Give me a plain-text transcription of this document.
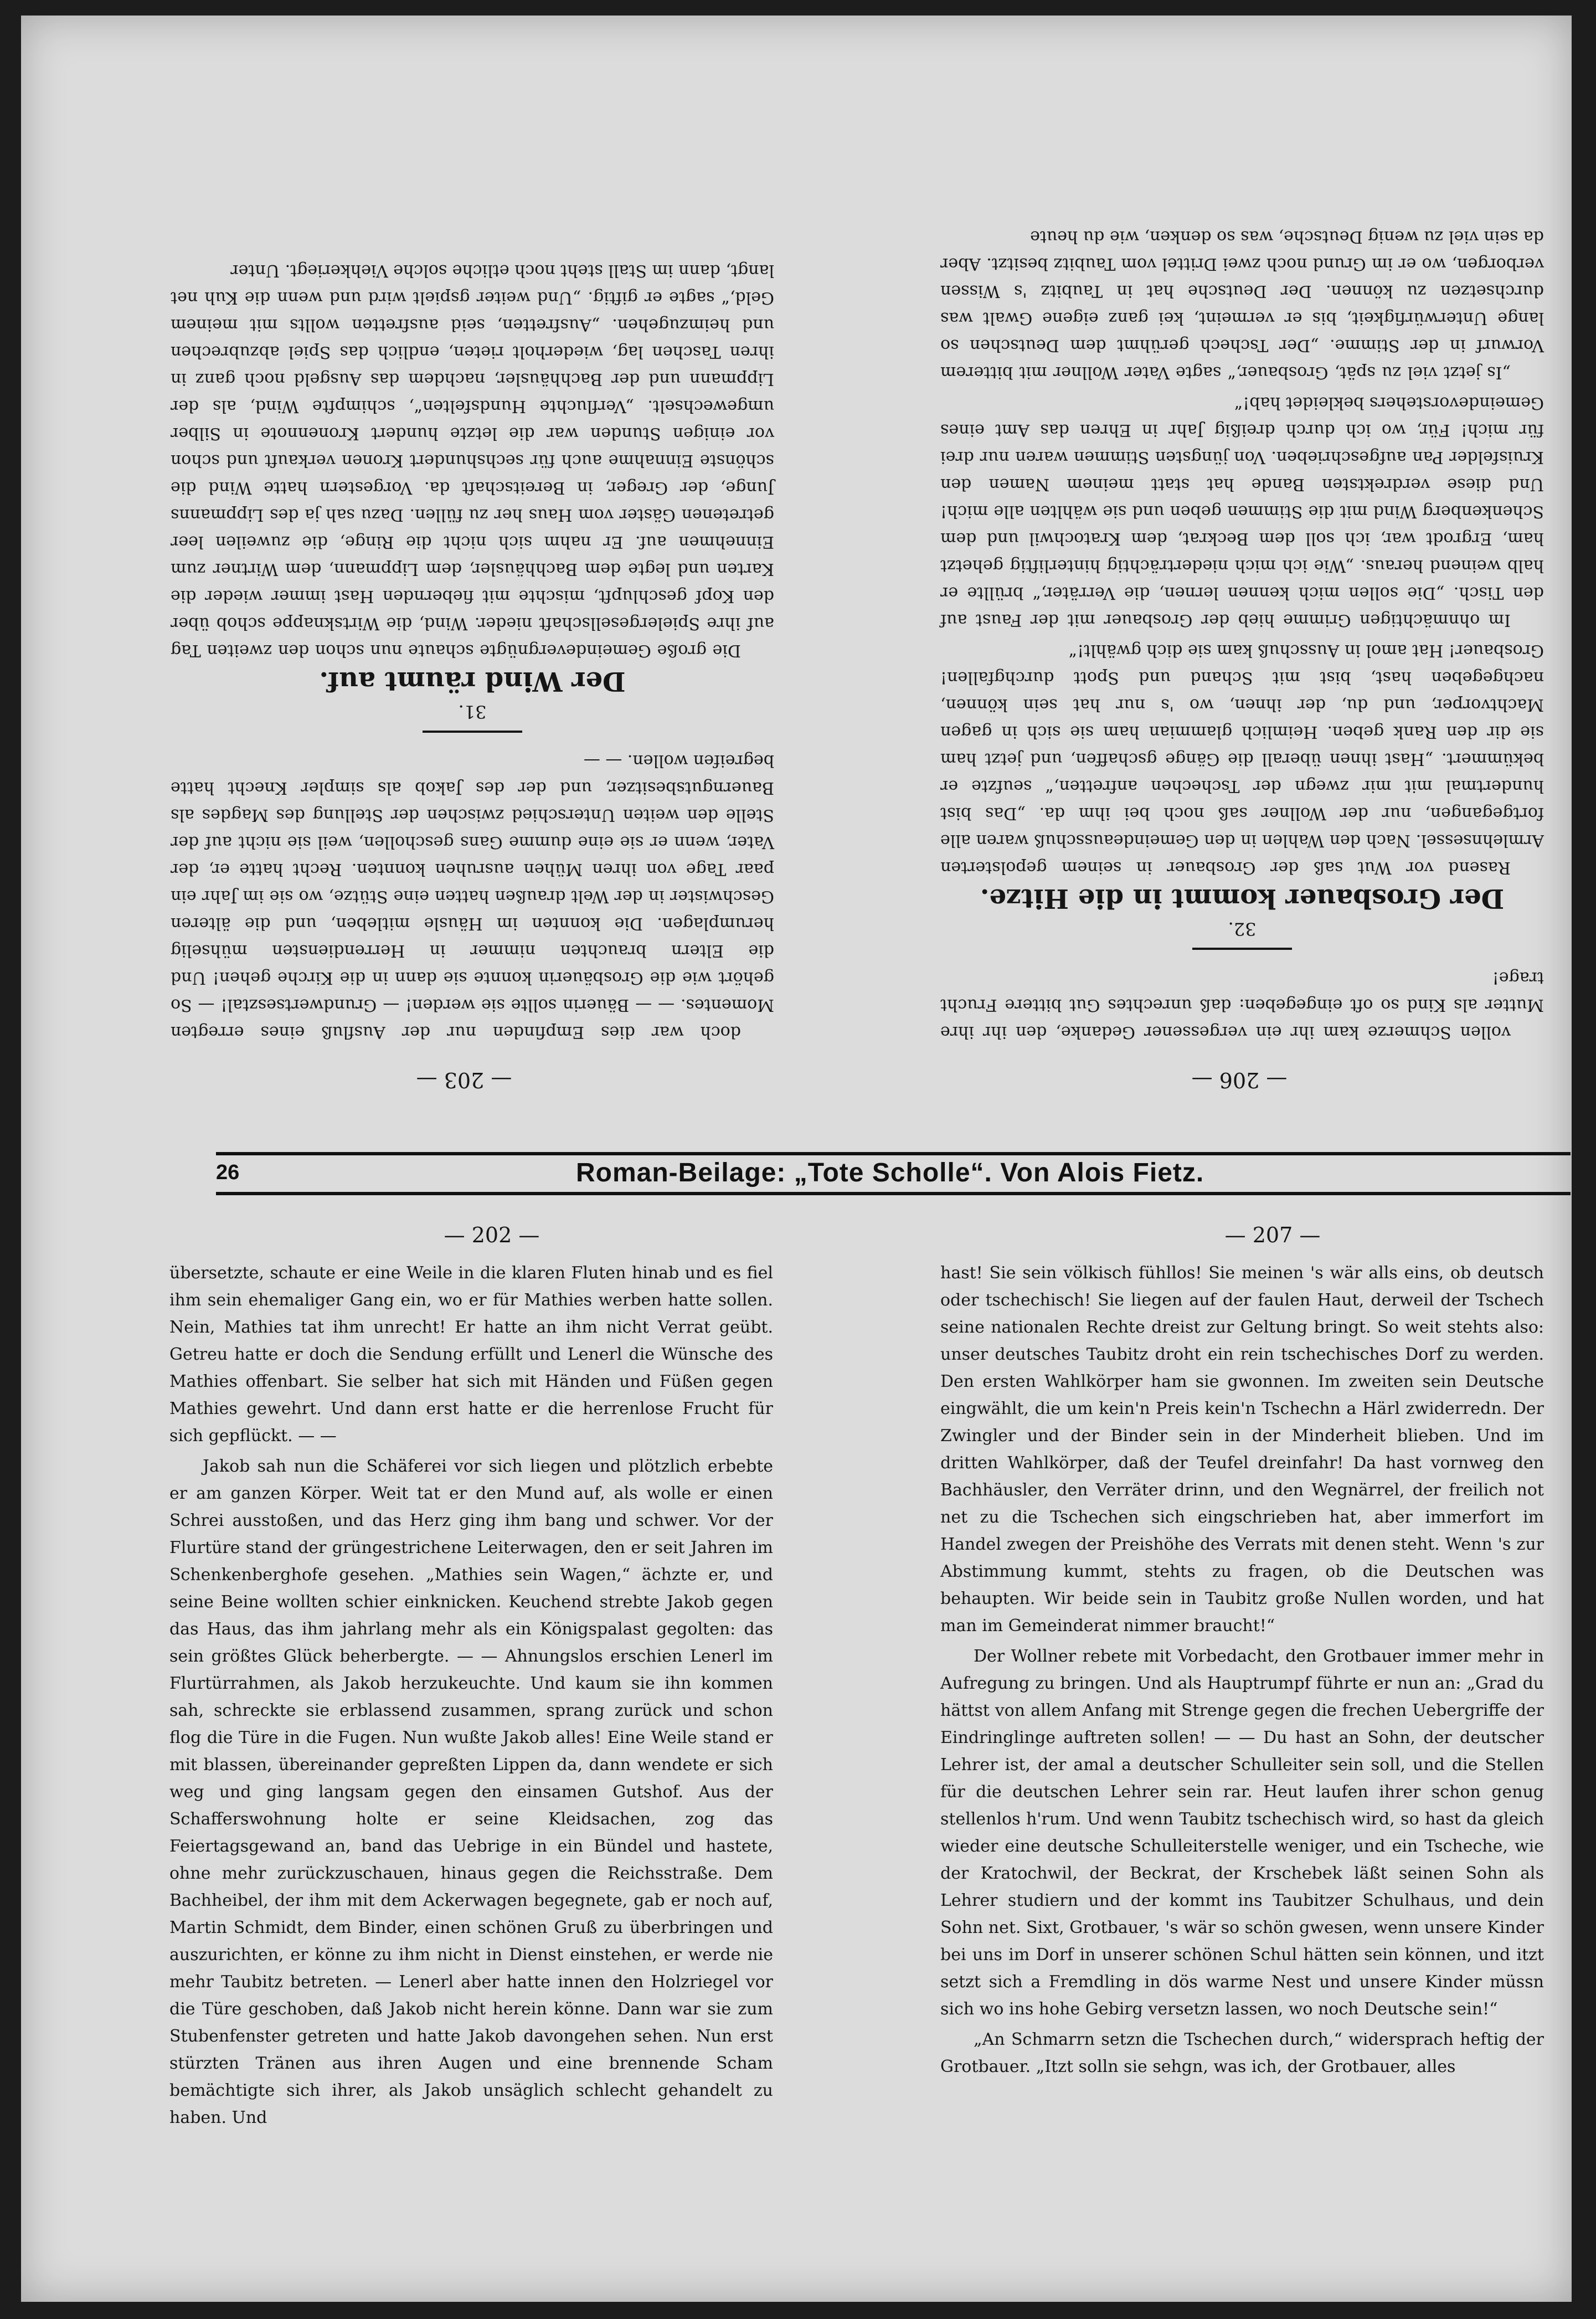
— 203 —

doch war dies Empfinden nur der Ausfluß eines erregten Momentes. — — Bäuerin sollte sie werden! — Grundwertsesztal! — So gehört wie die Grosbäuerin konnte sie dann in die Kirche gehen! Und die Eltern brauchten nimmer in Herrendiensten mühselig herumplagen. Die konnten im Häusle mitleben, und die älteren Geschwister in der Welt draußen hatten eine Stütze, wo sie im Jahr ein paar Tage von ihren Mühen ausruhen konnten. Recht hatte er, der Vater, wenn er sie eine dumme Gans geschollen, weil sie nicht auf der Stelle den weiten Unterschied zwischen der Stellung des Magdes als Bauerngutsbesitzer, und der des Jakob als simpler Knecht hatte begreifen wollen. — —

31.

Der Wind räumt auf.

Die große Gemeindevergnügte schaute nun schon den zweiten Tag auf ihre Spielergesellschaft nieder. Wind, die Wirtsknappe schob über den Kopf geschlupft, mischte mit fiebernden Hast immer wieder die Karten und legte dem Bachhäusler, dem Lippmann, dem Wirtner zum Einnehmen auf. Er nahm sich nicht die Ringe, die zuweilen leer getretenen Gäster vom Haus her zu füllen. Dazu sah ja des Lippmanns Junge, der Greger, in Bereitschaft da. Vorgestern hatte Wind die schönste Einnahme auch für sechshundert Kronen verkauft und schon vor einigen Stunden war die letzte hundert Kronennote in Silber umgewechselt. „Verfluchte Hundsfelten“, schimpfte Wind, als der Lippmann und der Bachhäusler, nachdem das Ausgeld noch ganz in ihren Taschen lag, wiederholt rieten, endlich das Spiel abzubrechen und heimzugehen. „Ausfretten, seid ausfretten wollts mit meinem Geld,“ sagte er giftig. „Und weiter gspielt wird und wenn die Kuh net langt, dann im Stall steht noch etliche solche Viehkeriegt. Unter

— 206 —

vollen Schmerze kam ihr ein vergessener Gedanke, den ihr ihre Mutter als Kind so oft eingegeben: daß unrechtes Gut bittere Frucht trage!

32.

Der Grosbauer kommt in die Hitze.

Rasend vor Wut saß der Grosbauer in seinem gepolsterten Armlehnsessel. Nach den Wahlen in den Gemeindeausschuß waren alle fortgegangen, nur der Wollner saß noch bei ihm da. „Das bist hundertmal mit mir zwegn der Tschechen anfretten,“ seufzte er bekümmert. „Hast ihnen überall die Gänge gschaffen, und jetzt ham sie dir den Rank geben. Heimlich glammian ham sie sich in gagen Machtvorper, und du, der ihnen, wo 's nur hat sein können, nachgegeben hast, bist mit Schand und Spott durchgfallen! Grosbauer! Hat amol in Ausschuß kam sie dich gwählt!“

Im ohnmächtigen Grimme hieb der Grosbauer mit der Faust auf den Tisch. „Die sollen mich kennen lernen, die Verräter,“ brüllte er halb weinend heraus. „Wie ich mich niederträchtig hinterliftig gehetzt ham, Ergrodt war, ich soll dem Beckrat, dem Kratochwil und dem Schenkenberg Wind mit die Stimmen geben und sie wählten alle mich! Und diese verdrektsten Bande hat statt meinem Namen den Kruisfelder Pan aufgeschrieben. Von jüngsten Stimmen waren nur drei für mich! Für, wo ich durch dreißig Jahr in Ehren das Amt eines Gemeindevorstehers bekleidet hab!“

„Is jetzt viel zu spät, Grosbauer,“ sagte Vater Wollner mit bitterem Vorwurf in der Stimme. „Der Tschech gerühmt dem Deutschen so lange Unterwürfigkeit, bis er vermeint, kei ganz eigene Gwalt was durchsetzen zu können. Der Deutsche hat in Taubitz 's Wissen verborgen, wo er im Grund noch zwei Drittel vom Taubitz besitzt. Aber da sein viel zu wenig Deutsche, was so denken, wie du heute

26	Roman-Beilage: „Tote Scholle“. Von Alois Fietz.
— 202 —

übersetzte, schaute er eine Weile in die klaren Fluten hinab und es fiel ihm sein ehemaliger Gang ein, wo er für Mathies werben hatte sollen. Nein, Mathies tat ihm unrecht! Er hatte an ihm nicht Verrat geübt. Getreu hatte er doch die Sendung erfüllt und Lenerl die Wünsche des Mathies offenbart. Sie selber hat sich mit Händen und Füßen gegen Mathies gewehrt. Und dann erst hatte er die herrenlose Frucht für sich gepflückt. — —

Jakob sah nun die Schäferei vor sich liegen und plötzlich erbebte er am ganzen Körper. Weit tat er den Mund auf, als wolle er einen Schrei ausstoßen, und das Herz ging ihm bang und schwer. Vor der Flurtüre stand der grüngestrichene Leiterwagen, den er seit Jahren im Schenkenberghofe gesehen. „Mathies sein Wagen,“ ächzte er, und seine Beine wollten schier einknicken. Keuchend strebte Jakob gegen das Haus, das ihm jahrlang mehr als ein Königspalast gegolten: das sein größtes Glück beherbergte. — — Ahnungslos erschien Lenerl im Flurtürrahmen, als Jakob herzukeuchte. Und kaum sie ihn kommen sah, schreckte sie erblassend zusammen, sprang zurück und schon flog die Türe in die Fugen. Nun wußte Jakob alles! Eine Weile stand er mit blassen, übereinander gepreßten Lippen da, dann wendete er sich weg und ging langsam gegen den einsamen Gutshof. Aus der Schafferswohnung holte er seine Kleidsachen, zog das Feiertagsgewand an, band das Uebrige in ein Bündel und hastete, ohne mehr zurückzuschauen, hinaus gegen die Reichsstraße. Dem Bachheibel, der ihm mit dem Ackerwagen begegnete, gab er noch auf, Martin Schmidt, dem Binder, einen schönen Gruß zu überbringen und auszurichten, er könne zu ihm nicht in Dienst einstehen, er werde nie mehr Taubitz betreten. — Lenerl aber hatte innen den Holzriegel vor die Türe geschoben, daß Jakob nicht herein könne. Dann war sie zum Stubenfenster getreten und hatte Jakob davongehen sehen. Nun erst stürzten Tränen aus ihren Augen und eine brennende Scham bemächtigte sich ihrer, als Jakob unsäglich schlecht gehandelt zu haben. Und

— 207 —

hast! Sie sein völkisch fühllos! Sie meinen 's wär alls eins, ob deutsch oder tschechisch! Sie liegen auf der faulen Haut, derweil der Tschech seine nationalen Rechte dreist zur Geltung bringt. So weit stehts also: unser deutsches Taubitz droht ein rein tschechisches Dorf zu werden. Den ersten Wahlkörper ham sie gwonnen. Im zweiten sein Deutsche eingwählt, die um kein'n Preis kein'n Tschechn a Härl zwiderredn. Der Zwingler und der Binder sein in der Minderheit blieben. Und im dritten Wahlkörper, daß der Teufel dreinfahr! Da hast vornweg den Bachhäusler, den Verräter drinn, und den Wegnärrel, der freilich not net zu die Tschechen sich eingschrieben hat, aber immerfort im Handel zwegen der Preishöhe des Verrats mit denen steht. Wenn 's zur Abstimmung kummt, stehts zu fragen, ob die Deutschen was behaupten. Wir beide sein in Taubitz große Nullen worden, und hat man im Gemeinderat nimmer braucht!“

Der Wollner rebete mit Vorbedacht, den Grotbauer immer mehr in Aufregung zu bringen. Und als Hauptrumpf führte er nun an: „Grad du hättst von allem Anfang mit Strenge gegen die frechen Uebergriffe der Eindringlinge auftreten sollen! — — Du hast an Sohn, der deutscher Lehrer ist, der amal a deutscher Schulleiter sein soll, und die Stellen für die deutschen Lehrer sein rar. Heut laufen ihrer schon genug stellenlos h'rum. Und wenn Taubitz tschechisch wird, so hast da gleich wieder eine deutsche Schulleiterstelle weniger, und ein Tscheche, wie der Kratochwil, der Beckrat, der Krschebek läßt seinen Sohn als Lehrer studiern und der kommt ins Taubitzer Schulhaus, und dein Sohn net. Sixt, Grotbauer, 's wär so schön gwesen, wenn unsere Kinder bei uns im Dorf in unserer schönen Schul hätten sein können, und itzt setzt sich a Fremdling in dös warme Nest und unsere Kinder müssn sich wo ins hohe Gebirg versetzn lassen, wo noch Deutsche sein!“

„An Schmarrn setzn die Tschechen durch,“ widersprach heftig der Grotbauer. „Itzt solln sie sehgn, was ich, der Grotbauer, alles
